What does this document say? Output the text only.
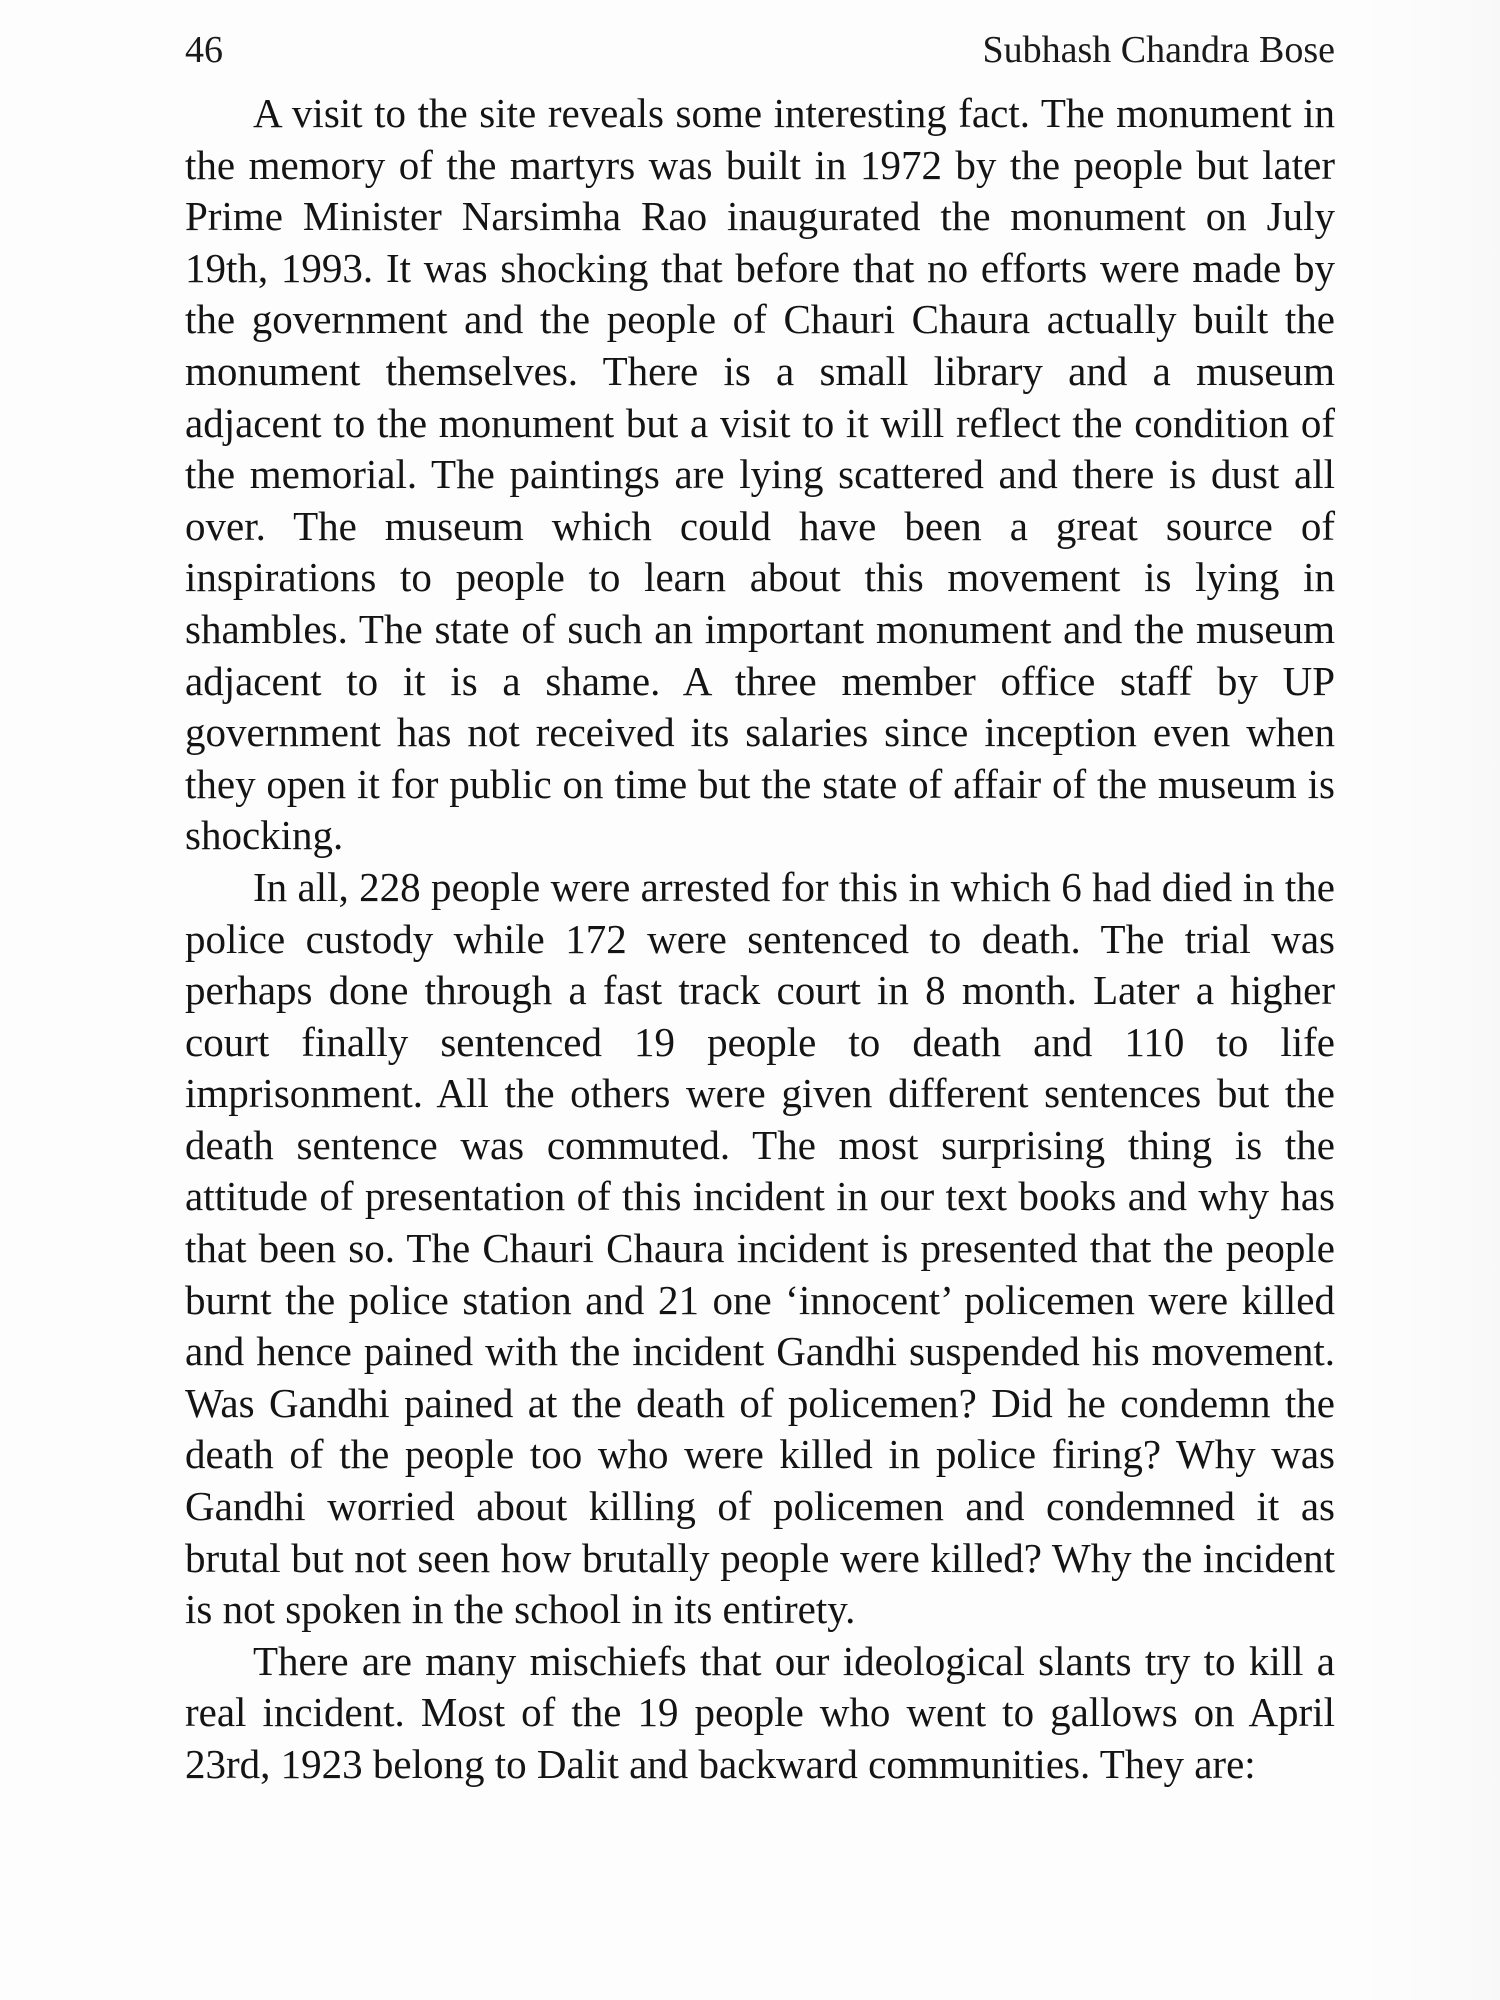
46	Subhash Chandra Bose

A visit to the site reveals some interesting fact. The monument in the memory of the martyrs was built in 1972 by the people but later Prime Minister Narsimha Rao inaugurated the monument on July 19th, 1993. It was shocking that before that no efforts were made by the government and the people of Chauri Chaura actually built the monument themselves. There is a small library and a museum adjacent to the monument but a visit to it will reflect the condition of the memorial. The paintings are lying scattered and there is dust all over. The museum which could have been a great source of inspirations to people to learn about this movement is lying in shambles. The state of such an important monument and the museum adjacent to it is a shame. A three member office staff by UP government has not received its salaries since inception even when they open it for public on time but the state of affair of the museum is shocking.

In all, 228 people were arrested for this in which 6 had died in the police custody while 172 were sentenced to death. The trial was perhaps done through a fast track court in 8 month. Later a higher court finally sentenced 19 people to death and 110 to life imprisonment. All the others were given different sentences but the death sentence was commuted. The most surprising thing is the attitude of presentation of this incident in our text books and why has that been so. The Chauri Chaura incident is presented that the people burnt the police station and 21 one ‘innocent’ policemen were killed and hence pained with the incident Gandhi suspended his movement. Was Gandhi pained at the death of policemen? Did he condemn the death of the people too who were killed in police firing? Why was Gandhi worried about killing of policemen and condemned it as brutal but not seen how brutally people were killed? Why the incident is not spoken in the school in its entirety.

There are many mischiefs that our ideological slants try to kill a real incident. Most of the 19 people who went to gallows on April 23rd, 1923 belong to Dalit and backward communities. They are:
